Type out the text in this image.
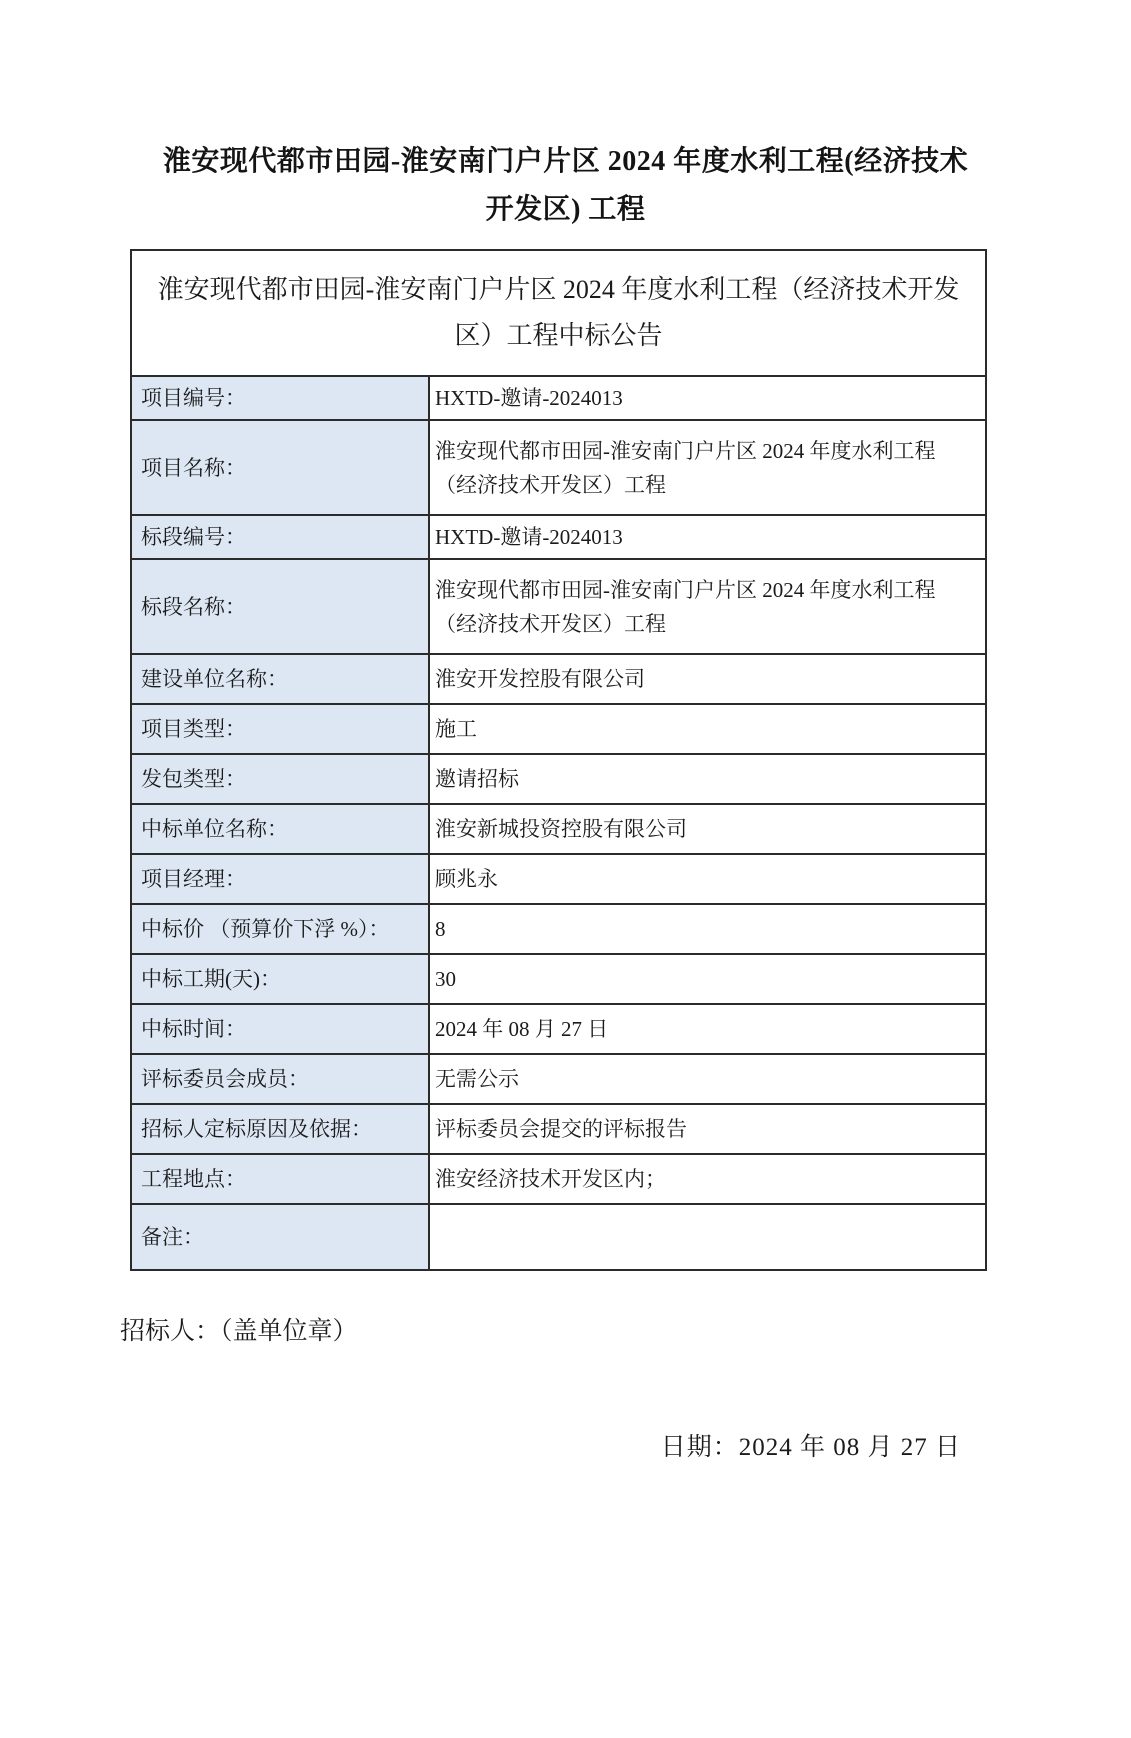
淮安现代都市田园-淮安南门户片区 2024 年度水利工程(经济技术开发区) 工程
淮安现代都市田园-淮安南门户片区 2024 年度水利工程（经济技术开发区）工程中标公告	
项目编号：	HXTD-邀请-2024013
项目名称：	淮安现代都市田园-淮安南门户片区 2024 年度水利工程（经济技术开发区）工程
标段编号：	HXTD-邀请-2024013
标段名称：	淮安现代都市田园-淮安南门户片区 2024 年度水利工程（经济技术开发区）工程
建设单位名称：	淮安开发控股有限公司
项目类型：	施工
发包类型：	邀请招标
中标单位名称：	淮安新城投资控股有限公司
项目经理：	顾兆永
中标价 （预算价下浮 %）：	8
中标工期(天)：	30
中标时间：	2024 年 08 月 27 日
评标委员会成员：	无需公示
招标人定标原因及依据：	评标委员会提交的评标报告
工程地点：	淮安经济技术开发区内；
备注：	
招标人：（盖单位章）
日期：2024 年 08 月 27 日
